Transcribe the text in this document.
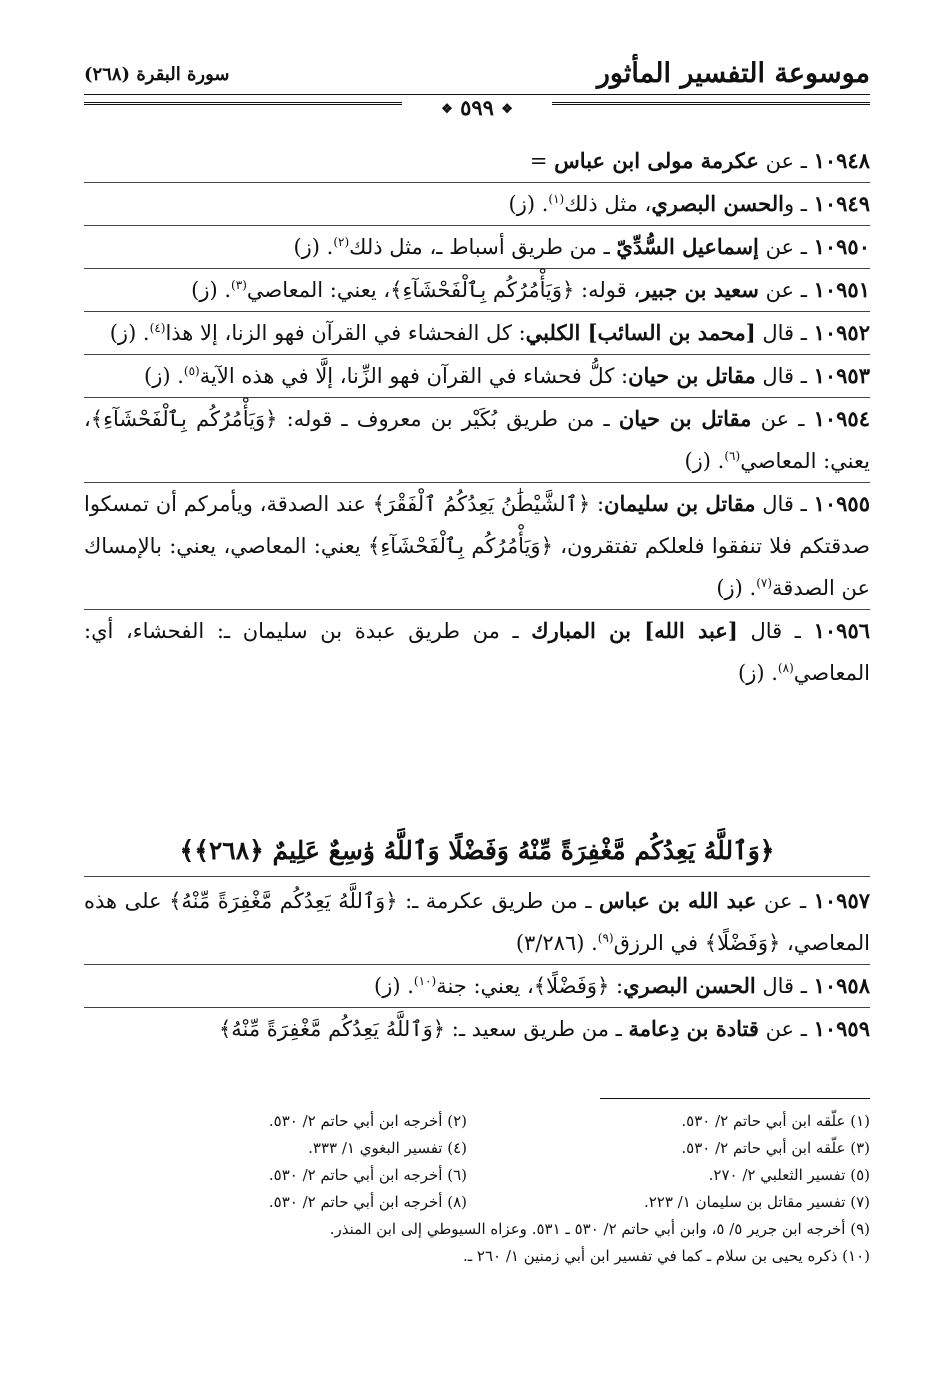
موسوعة التفسير المأثور
سورة البقرة (٢٦٨)
❖ ٥٩٩ ❖

١٠٩٤٨ ـ عن عكرمة مولى ابن عباس =

١٠٩٤٩ ـ والحسن البصري، مثل ذلك$^{(١)}$. (ز)

١٠٩٥٠ ـ عن إسماعيل السُّدِّيّ ـ من طريق أسباط ـ، مثل ذلك$^{(٢)}$. (ز)

١٠٩٥١ ـ عن سعيد بن جبير، قوله: ﴿وَيَأْمُرُكُم بِٱلْفَحْشَآءِ﴾، يعني: المعاصي$^{(٣)}$. (ز)

١٠٩٥٢ ـ قال [محمد بن السائب] الكلبي: كل الفحشاء في القرآن فهو الزنا، إلا هذا$^{(٤)}$. (ز)

١٠٩٥٣ ـ قال مقاتل بن حيان: كلُّ فحشاء في القرآن فهو الزِّنا، إلَّا في هذه الآية$^{(٥)}$. (ز)

١٠٩٥٤ ـ عن مقاتل بن حيان ـ من طريق بُكَيْر بن معروف ـ قوله: ﴿وَيَأْمُرُكُم بِٱلْفَحْشَآءِ﴾، يعني: المعاصي$^{(٦)}$. (ز)

١٠٩٥٥ ـ قال مقاتل بن سليمان: ﴿ٱلشَّيْطَٰنُ يَعِدُكُمُ ٱلْفَقْرَ﴾ عند الصدقة، ويأمركم أن تمسكوا صدقتكم فلا تنفقوا فلعلكم تفتقرون، ﴿وَيَأْمُرُكُم بِٱلْفَحْشَآءِ﴾ يعني: المعاصي، يعني: بالإمساك عن الصدقة$^{(٧)}$. (ز)

١٠٩٥٦ ـ قال [عبد الله] بن المبارك ـ من طريق عبدة بن سليمان ـ: الفحشاء، أي: المعاصي$^{(٨)}$. (ز)

﴿وَٱللَّهُ يَعِدُكُم مَّغْفِرَةً مِّنْهُ وَفَضْلًا وَٱللَّهُ وَٰسِعٌ عَلِيمٌ ﴿٢٦٨﴾﴾

١٠٩٥٧ ـ عن عبد الله بن عباس ـ من طريق عكرمة ـ: ﴿وَٱللَّهُ يَعِدُكُم مَّغْفِرَةً مِّنْهُ﴾ على هذه المعاصي، ﴿وَفَضْلًا﴾ في الرزق$^{(٩)}$. (٣/٢٨٦)

١٠٩٥٨ ـ قال الحسن البصري: ﴿وَفَضْلًا﴾، يعني: جنة$^{(١٠)}$. (ز)

١٠٩٥٩ ـ عن قتادة بن دِعامة ـ من طريق سعيد ـ: ﴿وَٱللَّهُ يَعِدُكُم مَّغْفِرَةً مِّنْهُ﴾

(١) علّقه ابن أبي حاتم ٢/ ٥٣٠.
(٢) أخرجه ابن أبي حاتم ٢/ ٥٣٠.
(٣) علّقه ابن أبي حاتم ٢/ ٥٣٠.
(٤) تفسير البغوي ١/ ٣٣٣.
(٥) تفسير الثعلبي ٢/ ٢٧٠.
(٦) أخرجه ابن أبي حاتم ٢/ ٥٣٠.
(٧) تفسير مقاتل بن سليمان ١/ ٢٢٣.
(٨) أخرجه ابن أبي حاتم ٢/ ٥٣٠.
(٩) أخرجه ابن جرير ٥/ ٥، وابن أبي حاتم ٢/ ٥٣٠ ـ ٥٣١. وعزاه السيوطي إلى ابن المنذر.
(١٠) ذكره يحيى بن سلام ـ كما في تفسير ابن أبي زمنين ١/ ٢٦٠ ـ.
